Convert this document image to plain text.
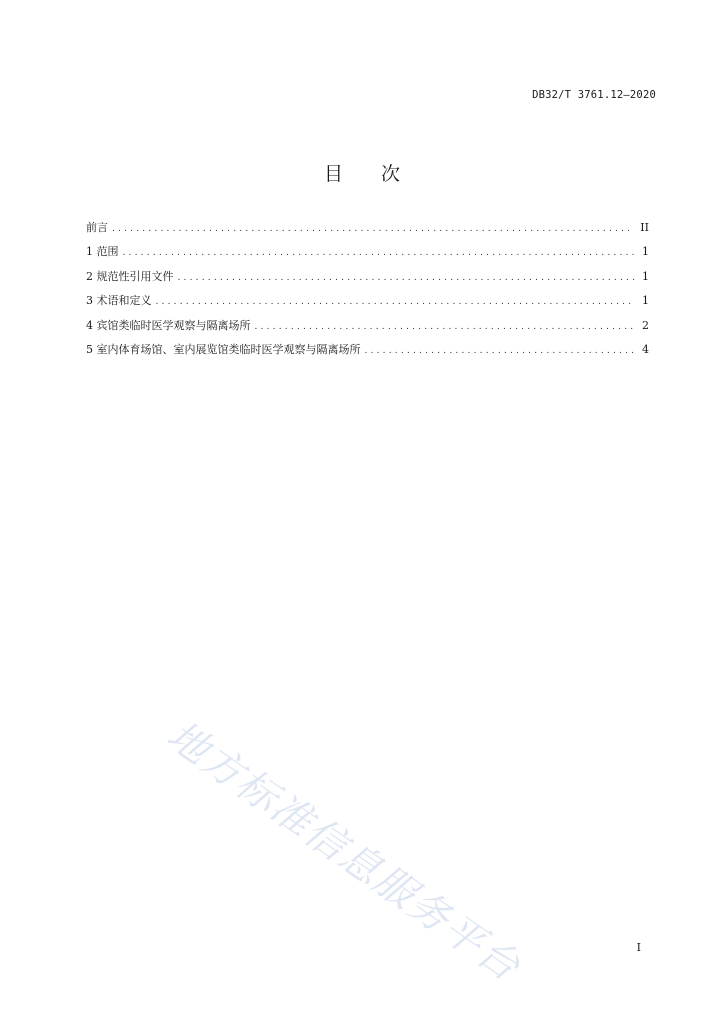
DB32/T 3761.12—2020
目 次
前言 .....	II
1 范围 .....	1
2 规范性引用文件 .....	1
3 术语和定义 .....	1
4 宾馆类临时医学观察与隔离场所 .....	2
5 室内体育场馆、室内展览馆类临时医学观察与隔离场所 .....	4
地方标准信息服务平台	I
